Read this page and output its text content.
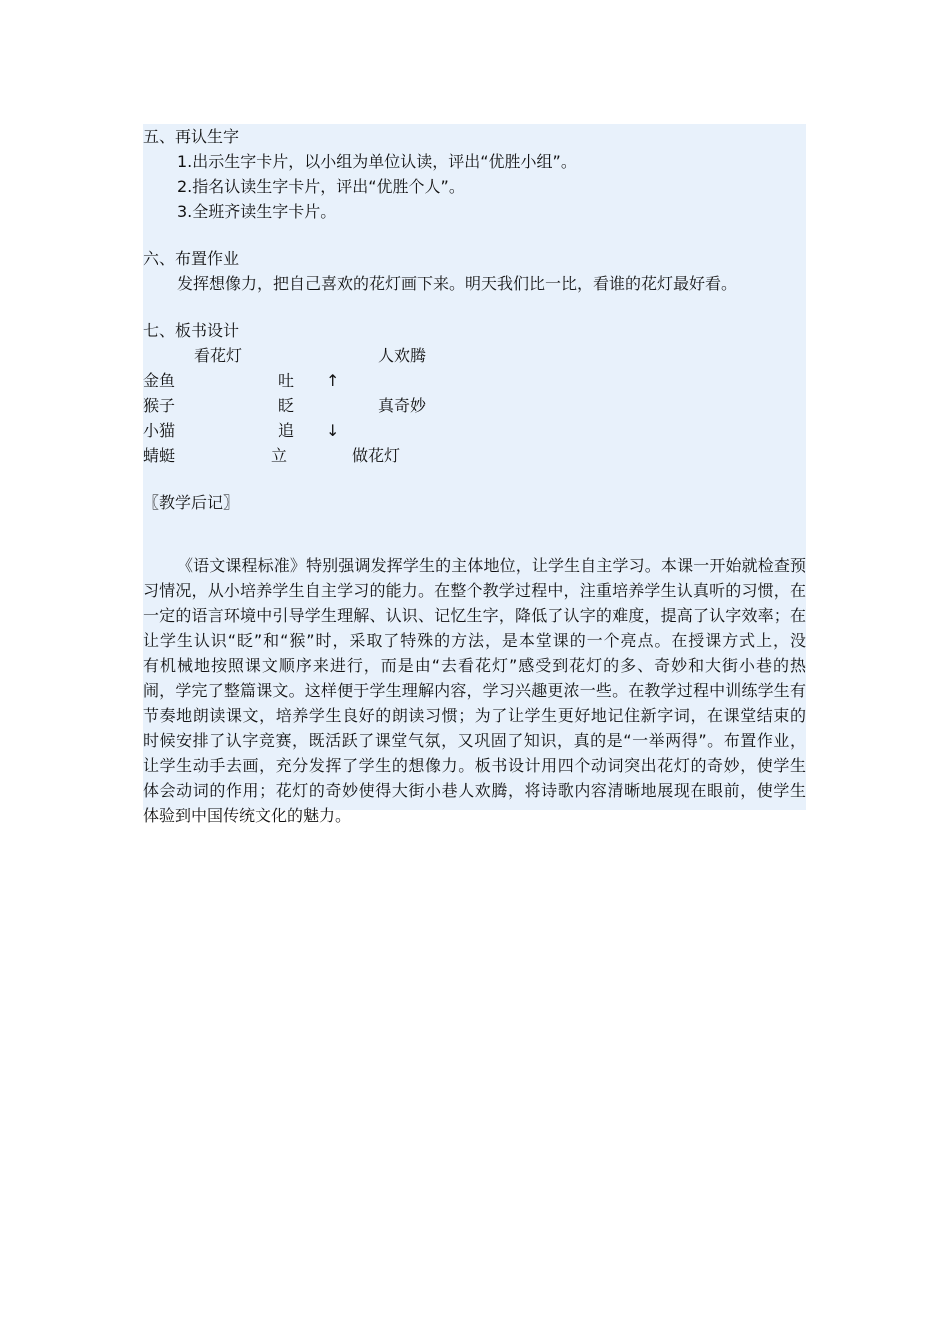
五、再认生字

1.出示生字卡片，以小组为单位认读，评出“优胜小组”。

2.指名认读生字卡片，评出“优胜个人”。

3.全班齐读生字卡片。

六、布置作业

发挥想像力，把自己喜欢的花灯画下来。明天我们比一比，看谁的花灯最好看。

七、板书设计
看花灯	人欢腾
金鱼	吐 ↑
猴子	眨	真奇妙
小猫	追 ↓
蜻蜓	立	做花灯
〖教学后记〗

《语文课程标准》特别强调发挥学生的主体地位，让学生自主学习。本课一开始就检查预

习情况，从小培养学生自主学习的能力。在整个教学过程中，注重培养学生认真听的习惯，在

一定的语言环境中引导学生理解、认识、记忆生字，降低了认字的难度，提高了认字效率；在

让学生认识“眨”和“猴”时，采取了特殊的方法，是本堂课的一个亮点。在授课方式上，没

有机械地按照课文顺序来进行，而是由“去看花灯”感受到花灯的多、奇妙和大街小巷的热

闹，学完了整篇课文。这样便于学生理解内容，学习兴趣更浓一些。在教学过程中训练学生有

节奏地朗读课文，培养学生良好的朗读习惯；为了让学生更好地记住新字词，在课堂结束的

时候安排了认字竞赛，既活跃了课堂气氛，又巩固了知识，真的是“一举两得”。布置作业，

让学生动手去画，充分发挥了学生的想像力。板书设计用四个动词突出花灯的奇妙，使学生

体会动词的作用；花灯的奇妙使得大街小巷人欢腾，将诗歌内容清晰地展现在眼前，使学生

体验到中国传统文化的魅力。
